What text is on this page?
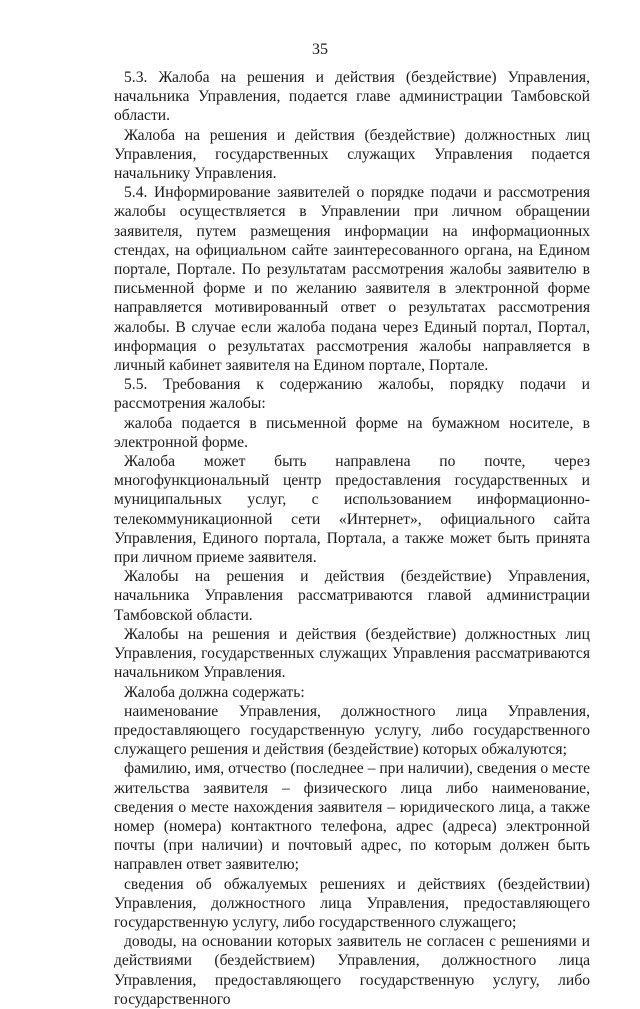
35

5.3. Жалоба на решения и действия (бездействие) Управления, начальника Управления, подается главе администрации Тамбовской области.

Жалоба на решения и действия (бездействие) должностных лиц Управления, государственных служащих Управления подается начальнику Управления.

5.4. Информирование заявителей о порядке подачи и рассмотрения жалобы осуществляется в Управлении при личном обращении заявителя, путем размещения информации на информационных стендах, на официальном сайте заинтересованного органа, на Едином портале, Портале. По результатам рассмотрения жалобы заявителю в письменной форме и по желанию заявителя в электронной форме направляется мотивированный ответ о результатах рассмотрения жалобы. В случае если жалоба подана через Единый портал, Портал, информация о результатах рассмотрения жалобы направляется в личный кабинет заявителя на Едином портале, Портале.

5.5. Требования к содержанию жалобы, порядку подачи и рассмотрения жалобы:

жалоба подается в письменной форме на бумажном носителе, в электронной форме.

Жалоба может быть направлена по почте, через многофункциональный центр предоставления государственных и муниципальных услуг, с использованием информационно-телекоммуникационной сети «Интернет», официального сайта Управления, Единого портала, Портала, а также может быть принята при личном приеме заявителя.

Жалобы на решения и действия (бездействие) Управления, начальника Управления рассматриваются главой администрации Тамбовской области.

Жалобы на решения и действия (бездействие) должностных лиц Управления, государственных служащих Управления рассматриваются начальником Управления.

Жалоба должна содержать:

наименование Управления, должностного лица Управления, предоставляющего государственную услугу, либо государственного служащего решения и действия (бездействие) которых обжалуются;

фамилию, имя, отчество (последнее – при наличии), сведения о месте жительства заявителя – физического лица либо наименование, сведения о месте нахождения заявителя – юридического лица, а также номер (номера) контактного телефона, адрес (адреса) электронной почты (при наличии) и почтовый адрес, по которым должен быть направлен ответ заявителю;

сведения об обжалуемых решениях и действиях (бездействии) Управления, должностного лица Управления, предоставляющего государственную услугу, либо государственного служащего;

доводы, на основании которых заявитель не согласен с решениями и действиями (бездействием) Управления, должностного лица Управления, предоставляющего государственную услугу, либо государственного
